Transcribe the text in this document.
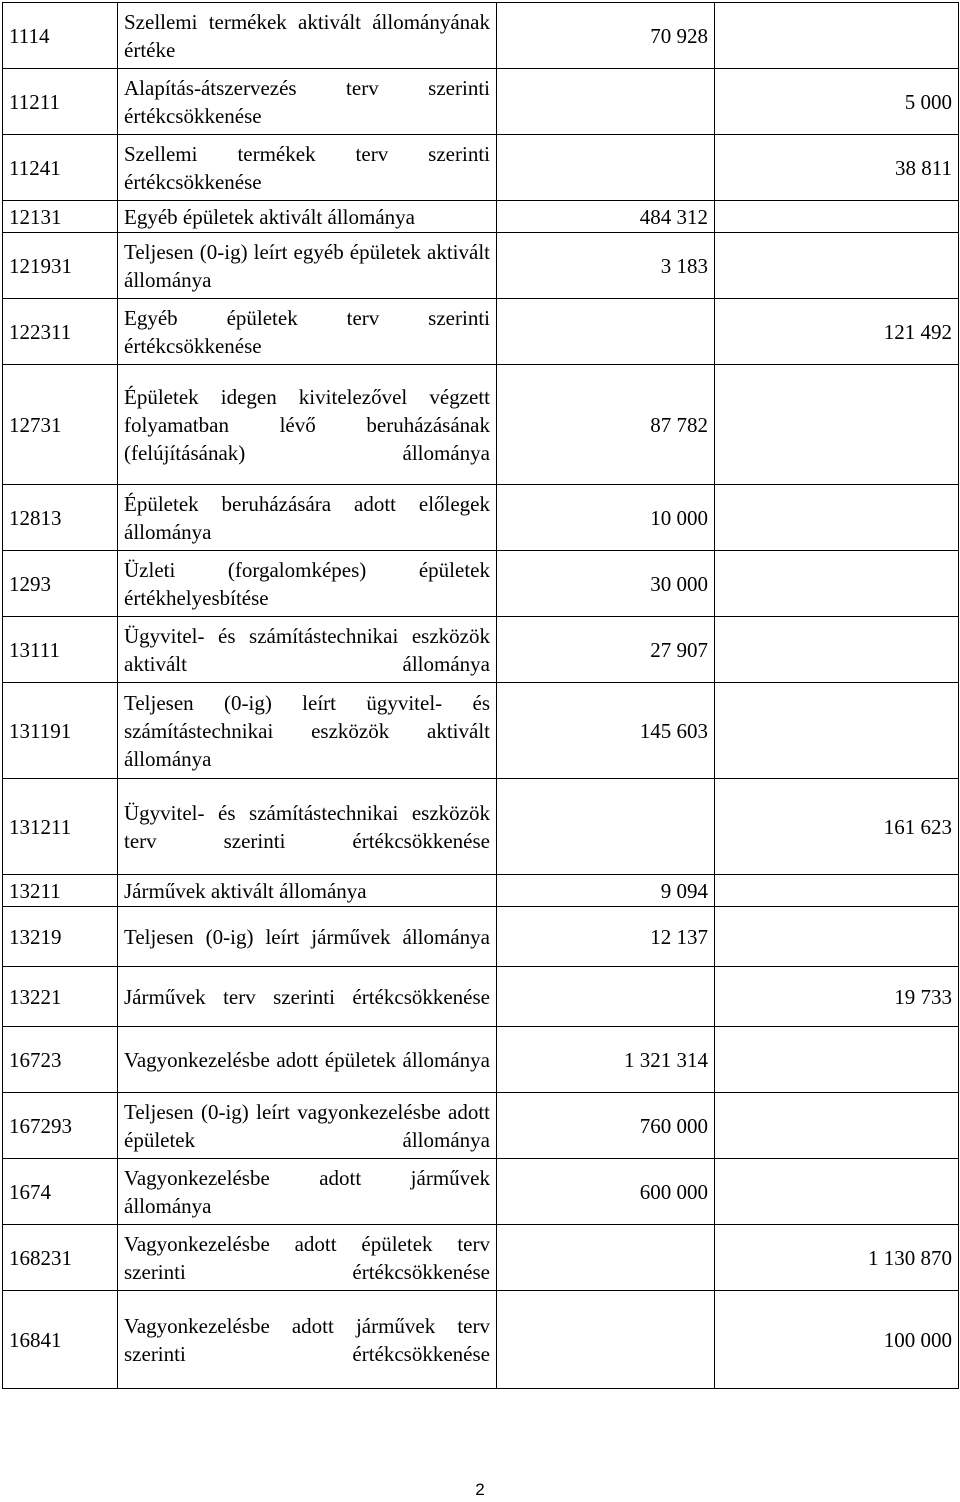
1114	Szellemi termékek aktivált állományának értéke	70 928	
11211	Alapítás-átszervezés terv szerinti értékcsökkenése		5 000
11241	Szellemi termékek terv szerinti értékcsökkenése		38 811
12131	Egyéb épületek aktivált állománya	484 312	
121931	Teljesen (0-ig) leírt egyéb épületek aktivált állománya	3 183	
122311	Egyéb épületek terv szerinti értékcsökkenése		121 492
12731	Épületek idegen kivitelezővel végzett folyamatban lévő beruházásának (felújításának) állománya	87 782	
12813	Épületek beruházására adott előlegek állománya	10 000	
1293	Üzleti (forgalomképes) épületek értékhelyesbítése	30 000	
13111	Ügyvitel- és számítástechnikai eszközök aktivált állománya	27 907	
131191	Teljesen (0-ig) leírt ügyvitel- és számítástechnikai eszközök aktivált állománya	145 603	
131211	Ügyvitel- és számítástechnikai eszközök terv szerinti értékcsökkenése		161 623
13211	Járművek aktivált állománya	9 094	
13219	Teljesen (0-ig) leírt járművek állománya	12 137	
13221	Járművek terv szerinti értékcsökkenése		19 733
16723	Vagyonkezelésbe adott épületek állománya	1 321 314	
167293	Teljesen (0-ig) leírt vagyonkezelésbe adott épületek állománya	760 000	
1674	Vagyonkezelésbe adott járművek állománya	600 000	
168231	Vagyonkezelésbe adott épületek terv szerinti értékcsökkenése		1 130 870
16841	Vagyonkezelésbe adott járművek terv szerinti értékcsökkenése		100 000
2
